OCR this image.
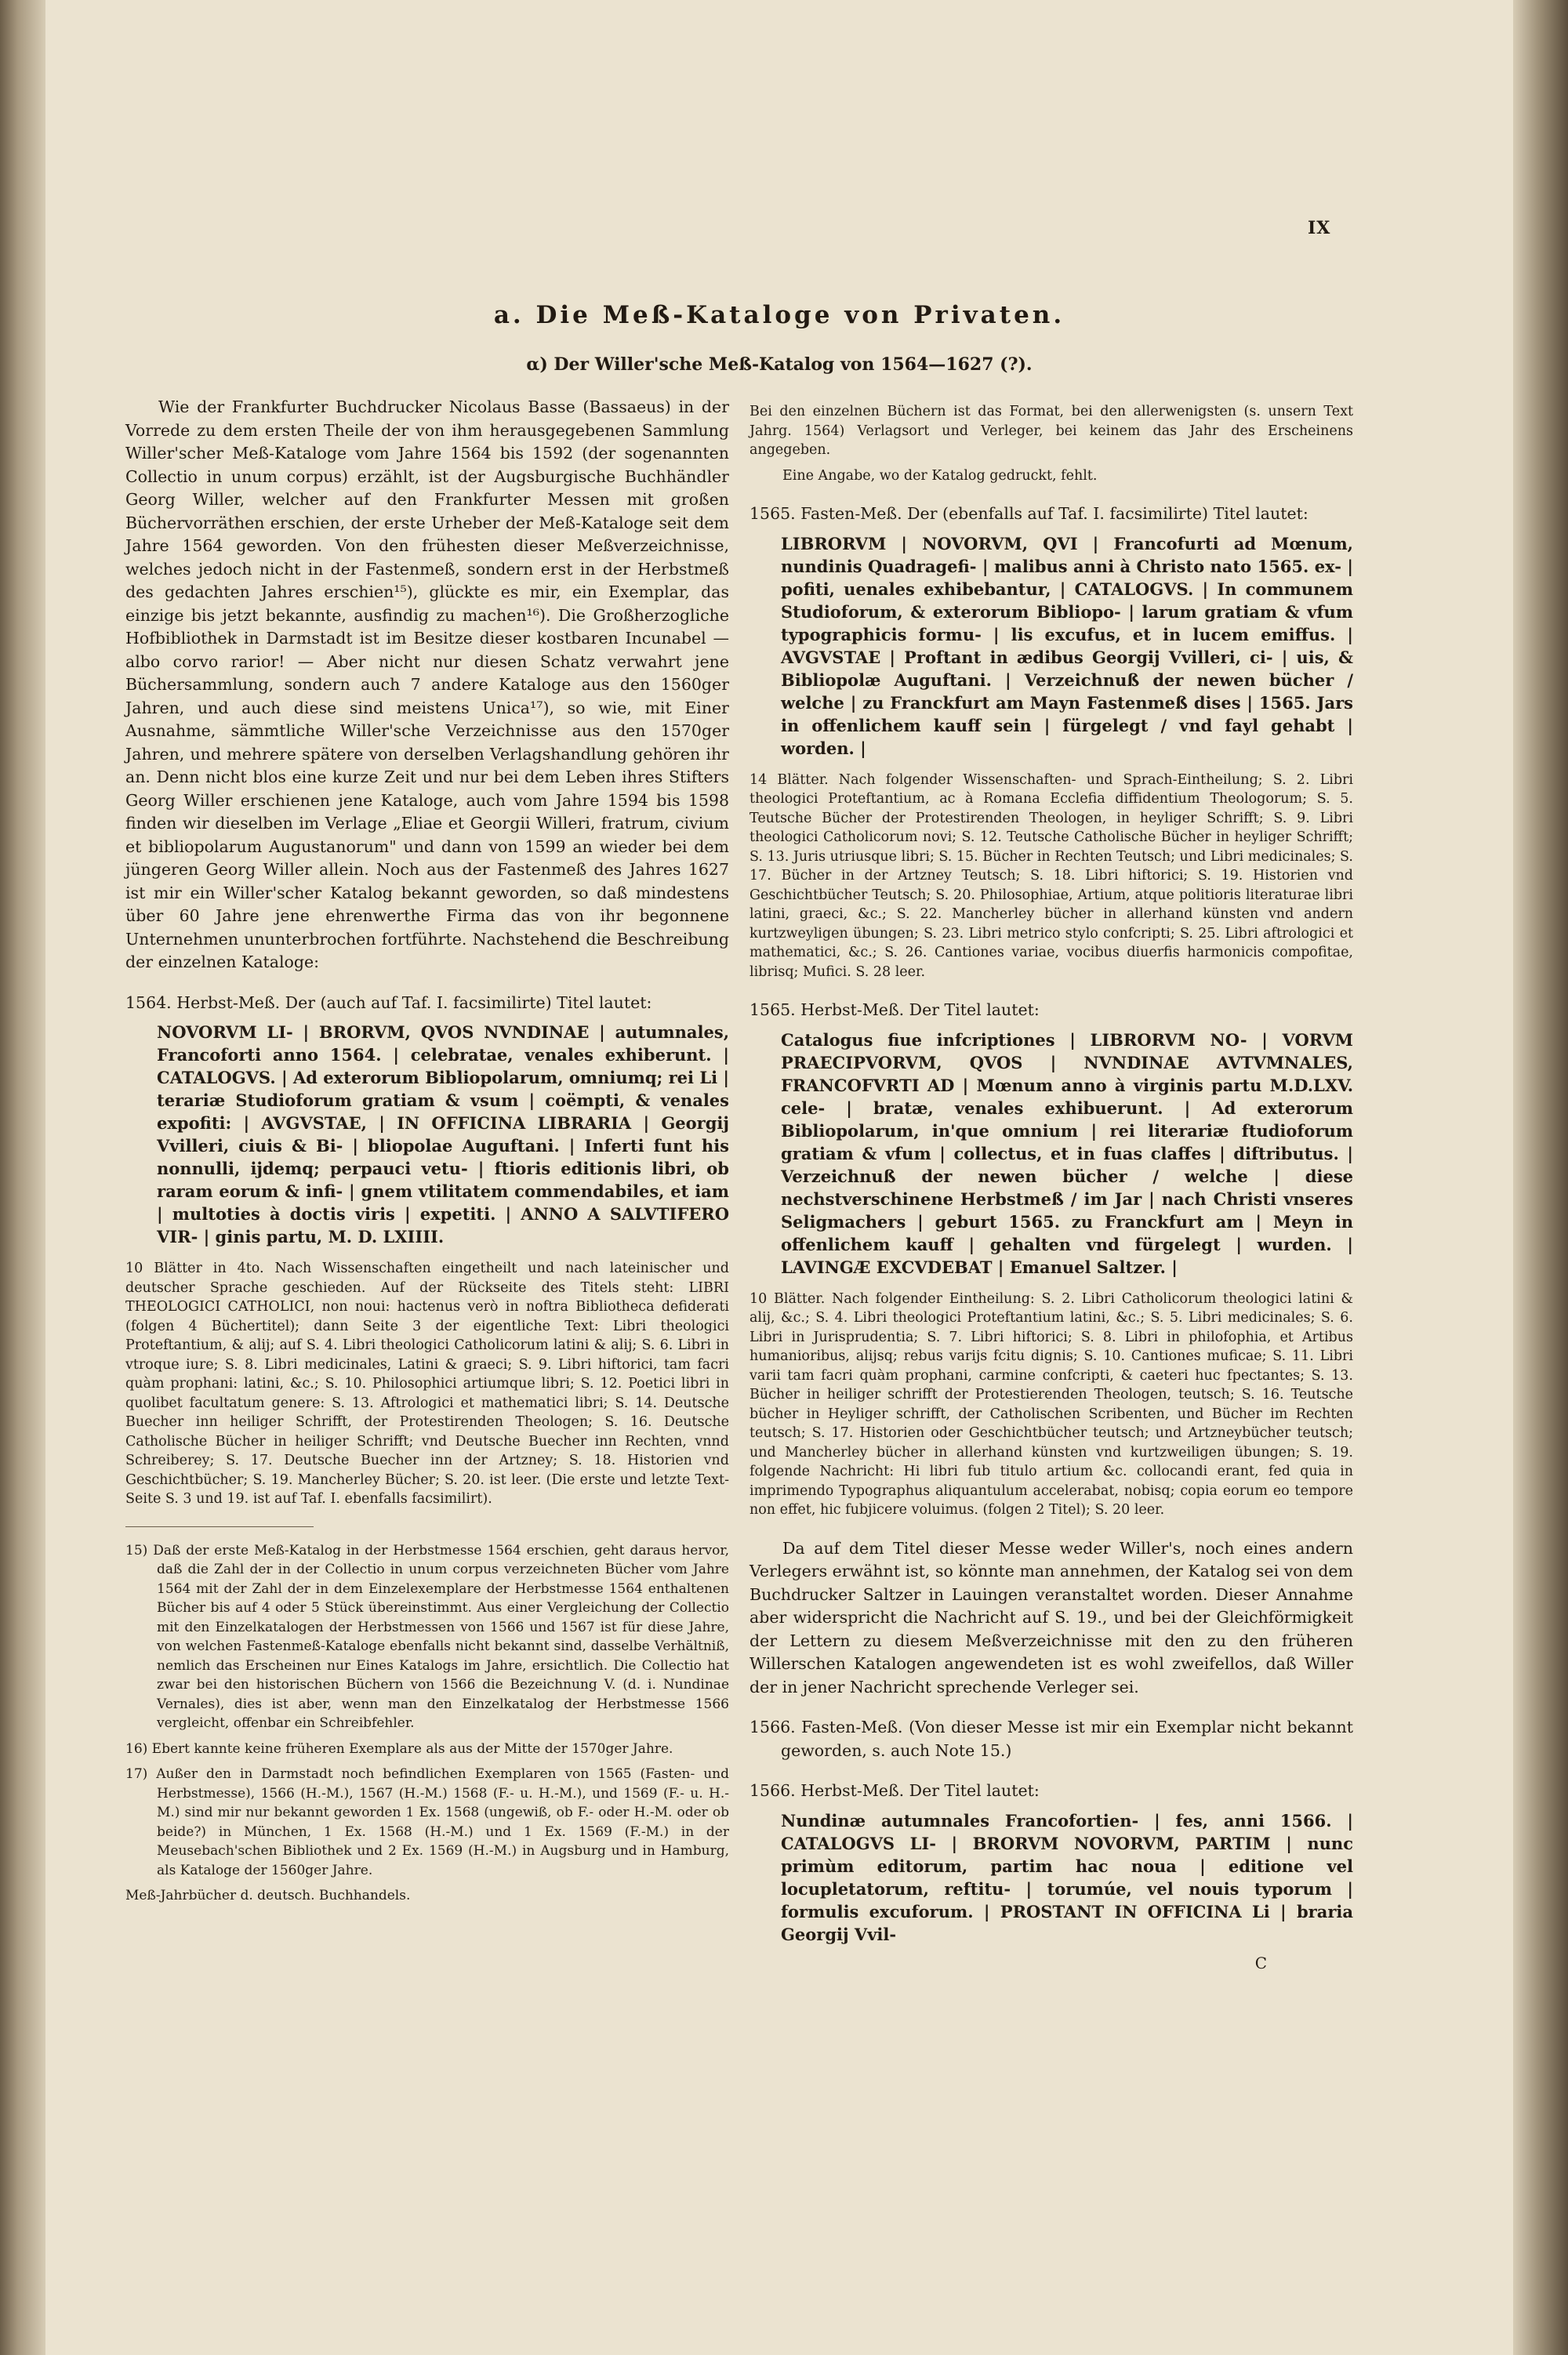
IX
a. Die Meß-Kataloge von Privaten.
α) Der Willer'sche Meß-Katalog von 1564—1627 (?).

Wie der Frankfurter Buchdrucker Nicolaus Basse (Bassaeus) in der Vorrede zu dem ersten Theile der von ihm herausgegebenen Sammlung Willer'scher Meß-Kataloge vom Jahre 1564 bis 1592 (der sogenannten Collectio in unum corpus) erzählt, ist der Augsburgische Buchhändler Georg Willer, welcher auf den Frankfurter Messen mit großen Büchervorräthen erschien, der erste Urheber der Meß-Kataloge seit dem Jahre 1564 geworden. Von den frühesten dieser Meßverzeichnisse, welches jedoch nicht in der Fastenmeß, sondern erst in der Herbstmeß des gedachten Jahres erschien¹⁵), glückte es mir, ein Exemplar, das einzige bis jetzt bekannte, ausfindig zu machen¹⁶). Die Großherzogliche Hofbibliothek in Darmstadt ist im Besitze dieser kostbaren Incunabel — albo corvo rarior! — Aber nicht nur diesen Schatz verwahrt jene Büchersammlung, sondern auch 7 andere Kataloge aus den 1560ger Jahren, und auch diese sind meistens Unica¹⁷), so wie, mit Einer Ausnahme, sämmtliche Willer'sche Verzeichnisse aus den 1570ger Jahren, und mehrere spätere von derselben Verlagshandlung gehören ihr an. Denn nicht blos eine kurze Zeit und nur bei dem Leben ihres Stifters Georg Willer erschienen jene Kataloge, auch vom Jahre 1594 bis 1598 finden wir dieselben im Verlage „Eliae et Georgii Willeri, fratrum, civium et bibliopolarum Augustanorum" und dann von 1599 an wieder bei dem jüngeren Georg Willer allein. Noch aus der Fastenmeß des Jahres 1627 ist mir ein Willer'scher Katalog bekannt geworden, so daß mindestens über 60 Jahre jene ehrenwerthe Firma das von ihr begonnene Unternehmen ununterbrochen fortführte. Nachstehend die Beschreibung der einzelnen Kataloge:

1564. Herbst-Meß. Der (auch auf Taf. I. facsimilirte) Titel lautet:

NOVORVM LI- | BRORVM, QVOS NVNDINAE | autumnales, Francoforti anno 1564. | celebratae, venales exhiberunt. | CATALOGVS. | Ad exterorum Bibliopolarum, omniumq; rei Li | terariæ Studioforum gratiam & vsum | coëmpti, & venales expofiti: | AVGVSTAE, | IN OFFICINA LIBRARIA | Georgij Vvilleri, ciuis & Bi- | bliopolae Auguftani. | Inferti funt his nonnulli, ijdemq; perpauci vetu- | ftioris editionis libri, ob raram eorum & infi- | gnem vtilitatem commendabiles, et iam | multoties à doctis viris | expetiti. | ANNO A SALVTIFERO VIR- | ginis partu, M. D. LXIIII.

10 Blätter in 4to. Nach Wissenschaften eingetheilt und nach lateinischer und deutscher Sprache geschieden. Auf der Rückseite des Titels steht: LIBRI THEOLOGICI CATHOLICI, non noui: hactenus verò in noftra Bibliotheca defiderati (folgen 4 Büchertitel); dann Seite 3 der eigentliche Text: Libri theologici Proteftantium, & alij; auf S. 4. Libri theologici Catholicorum latini & alij; S. 6. Libri in vtroque iure; S. 8. Libri medicinales, Latini & graeci; S. 9. Libri hiftorici, tam facri quàm prophani: latini, &c.; S. 10. Philosophici artiumque libri; S. 12. Poetici libri in quolibet facultatum genere: S. 13. Aftrologici et mathematici libri; S. 14. Deutsche Buecher inn heiliger Schrifft, der Protestirenden Theologen; S. 16. Deutsche Catholische Bücher in heiliger Schrifft; vnd Deutsche Buecher inn Rechten, vnnd Schreiberey; S. 17. Deutsche Buecher inn der Artzney; S. 18. Historien vnd Geschichtbücher; S. 19. Mancherley Bücher; S. 20. ist leer. (Die erste und letzte Text-Seite S. 3 und 19. ist auf Taf. I. ebenfalls facsimilirt).

15) Daß der erste Meß-Katalog in der Herbstmesse 1564 erschien, geht daraus hervor, daß die Zahl der in der Collectio in unum corpus verzeichneten Bücher vom Jahre 1564 mit der Zahl der in dem Einzelexemplare der Herbstmesse 1564 enthaltenen Bücher bis auf 4 oder 5 Stück übereinstimmt. Aus einer Vergleichung der Collectio mit den Einzelkatalogen der Herbstmessen von 1566 und 1567 ist für diese Jahre, von welchen Fastenmeß-Kataloge ebenfalls nicht bekannt sind, dasselbe Verhältniß, nemlich das Erscheinen nur Eines Katalogs im Jahre, ersichtlich. Die Collectio hat zwar bei den historischen Büchern von 1566 die Bezeichnung V. (d. i. Nundinae Vernales), dies ist aber, wenn man den Einzelkatalog der Herbstmesse 1566 vergleicht, offenbar ein Schreibfehler.

16) Ebert kannte keine früheren Exemplare als aus der Mitte der 1570ger Jahre.

17) Außer den in Darmstadt noch befindlichen Exemplaren von 1565 (Fasten- und Herbstmesse), 1566 (H.-M.), 1567 (H.-M.) 1568 (F.- u. H.-M.), und 1569 (F.- u. H.-M.) sind mir nur bekannt geworden 1 Ex. 1568 (ungewiß, ob F.- oder H.-M. oder ob beide?) in München, 1 Ex. 1568 (H.-M.) und 1 Ex. 1569 (F.-M.) in der Meusebach'schen Bibliothek und 2 Ex. 1569 (H.-M.) in Augsburg und in Hamburg, als Kataloge der 1560ger Jahre.

Meß-Jahrbücher d. deutsch. Buchhandels.

Bei den einzelnen Büchern ist das Format, bei den allerwenigsten (s. unsern Text Jahrg. 1564) Verlagsort und Verleger, bei keinem das Jahr des Erscheinens angegeben.

Eine Angabe, wo der Katalog gedruckt, fehlt.

1565. Fasten-Meß. Der (ebenfalls auf Taf. I. facsimilirte) Titel lautet:

LIBRORVM | NOVORVM, QVI | Francofurti ad Mœnum, nundinis Quadragefi- | malibus anni à Christo nato 1565. ex- | pofiti, uenales exhibebantur, | CATALOGVS. | In communem Studioforum, & exterorum Bibliopo- | larum gratiam & vfum typographicis formu- | lis excufus, et in lucem emiffus. | AVGVSTAE | Proftant in ædibus Georgij Vvilleri, ci- | uis, & Bibliopolæ Auguftani. | Verzeichnuß der newen bücher / welche | zu Franckfurt am Mayn Fastenmeß dises | 1565. Jars in offenlichem kauff sein | fürgelegt / vnd fayl gehabt | worden. |

14 Blätter. Nach folgender Wissenschaften- und Sprach-Eintheilung; S. 2. Libri theologici Proteftantium, ac à Romana Ecclefia diffidentium Theologorum; S. 5. Teutsche Bücher der Protestirenden Theologen, in heyliger Schrifft; S. 9. Libri theologici Catholicorum novi; S. 12. Teutsche Catholische Bücher in heyliger Schrifft; S. 13. Juris utriusque libri; S. 15. Bücher in Rechten Teutsch; und Libri medicinales; S. 17. Bücher in der Artzney Teutsch; S. 18. Libri hiftorici; S. 19. Historien vnd Geschichtbücher Teutsch; S. 20. Philosophiae, Artium, atque politioris literaturae libri latini, graeci, &c.; S. 22. Mancherley bücher in allerhand künsten vnd andern kurtzweyligen übungen; S. 23. Libri metrico stylo confcripti; S. 25. Libri aftrologici et mathematici, &c.; S. 26. Cantiones variae, vocibus diuerfis harmonicis compofitae, librisq; Mufici. S. 28 leer.

1565. Herbst-Meß. Der Titel lautet:

Catalogus fiue infcriptiones | LIBRORVM NO- | VORVM PRAECIPVORVM, QVOS | NVNDINAE AVTVMNALES, FRANCOFVRTI AD | Mœnum anno à virginis partu M.D.LXV. cele- | bratæ, venales exhibuerunt. | Ad exterorum Bibliopolarum, in'que omnium | rei literariæ ftudioforum gratiam & vfum | collectus, et in fuas claffes | diftributus. | Verzeichnuß der newen bücher / welche | diese nechstverschinene Herbstmeß / im Jar | nach Christi vnseres Seligmachers | geburt 1565. zu Franckfurt am | Meyn in offenlichem kauff | gehalten vnd fürgelegt | wurden. | LAVINGÆ EXCVDEBAT | Emanuel Saltzer. |

10 Blätter. Nach folgender Eintheilung: S. 2. Libri Catholicorum theologici latini & alij, &c.; S. 4. Libri theologici Proteftantium latini, &c.; S. 5. Libri medicinales; S. 6. Libri in Jurisprudentia; S. 7. Libri hiftorici; S. 8. Libri in philofophia, et Artibus humanioribus, alijsq; rebus varijs fcitu dignis; S. 10. Cantiones muficae; S. 11. Libri varii tam facri quàm prophani, carmine confcripti, & caeteri huc fpectantes; S. 13. Bücher in heiliger schrifft der Protestierenden Theologen, teutsch; S. 16. Teutsche bücher in Heyliger schrifft, der Catholischen Scribenten, und Bücher im Rechten teutsch; S. 17. Historien oder Geschichtbücher teutsch; und Artzneybücher teutsch; und Mancherley bücher in allerhand künsten vnd kurtzweiligen übungen; S. 19. folgende Nachricht: Hi libri fub titulo artium &c. collocandi erant, fed quia in imprimendo Typographus aliquantulum accelerabat, nobisq; copia eorum eo tempore non effet, hic fubjicere voluimus. (folgen 2 Titel); S. 20 leer.

Da auf dem Titel dieser Messe weder Willer's, noch eines andern Verlegers erwähnt ist, so könnte man annehmen, der Katalog sei von dem Buchdrucker Saltzer in Lauingen veranstaltet worden. Dieser Annahme aber widerspricht die Nachricht auf S. 19., und bei der Gleichförmigkeit der Lettern zu diesem Meßverzeichnisse mit den zu den früheren Willerschen Katalogen angewendeten ist es wohl zweifellos, daß Willer der in jener Nachricht sprechende Verleger sei.

1566. Fasten-Meß. (Von dieser Messe ist mir ein Exemplar nicht bekannt geworden, s. auch Note 15.)

1566. Herbst-Meß. Der Titel lautet:

Nundinæ autumnales Francofortien- | fes, anni 1566. | CATALOGVS LI- | BRORVM NOVORVM, PARTIM | nunc primùm editorum, partim hac noua | editione vel locupletatorum, reftitu- | torumúe, vel nouis typorum | formulis excuforum. | PROSTANT IN OFFICINA Li | braria Georgij Vvil-

C
